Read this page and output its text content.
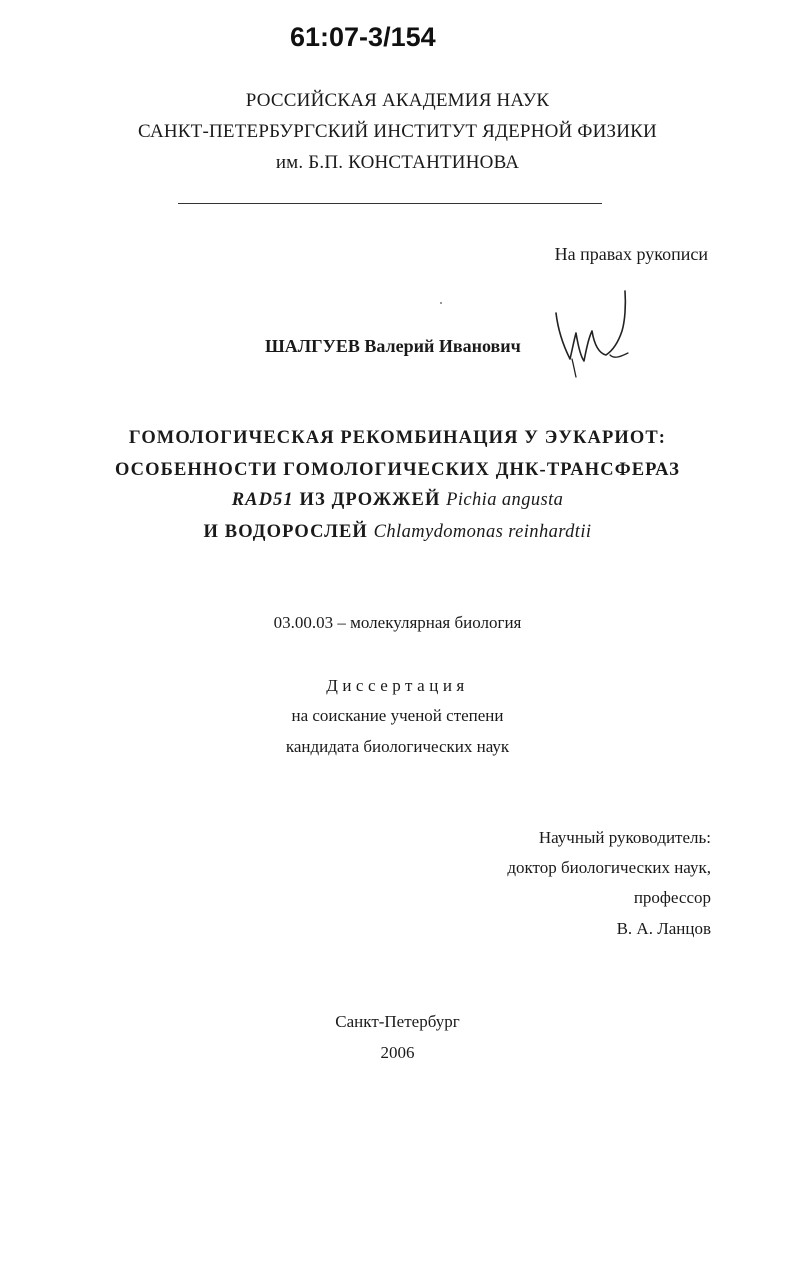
61:07-3/154
РОССИЙСКАЯ АКАДЕМИЯ НАУК
САНКТ-ПЕТЕРБУРГСКИЙ ИНСТИТУТ ЯДЕРНОЙ ФИЗИКИ
им. Б.П. КОНСТАНТИНОВА
На правах рукописи
ШАЛГУЕВ Валерий Иванович
ГОМОЛОГИЧЕСКАЯ РЕКОМБИНАЦИЯ У ЭУКАРИОТ:
ОСОБЕННОСТИ ГОМОЛОГИЧЕСКИХ ДНК-ТРАНСФЕРАЗ
RAD51 ИЗ ДРОЖЖЕЙ Pichia angusta
И ВОДОРОСЛЕЙ Chlamydomonas reinhardtii
03.00.03 – молекулярная биология
Диссертация
на соискание ученой степени
кандидата биологических наук
Научный руководитель:
доктор биологических наук,
профессор
В. А. Ланцов
Санкт-Петербург
2006
